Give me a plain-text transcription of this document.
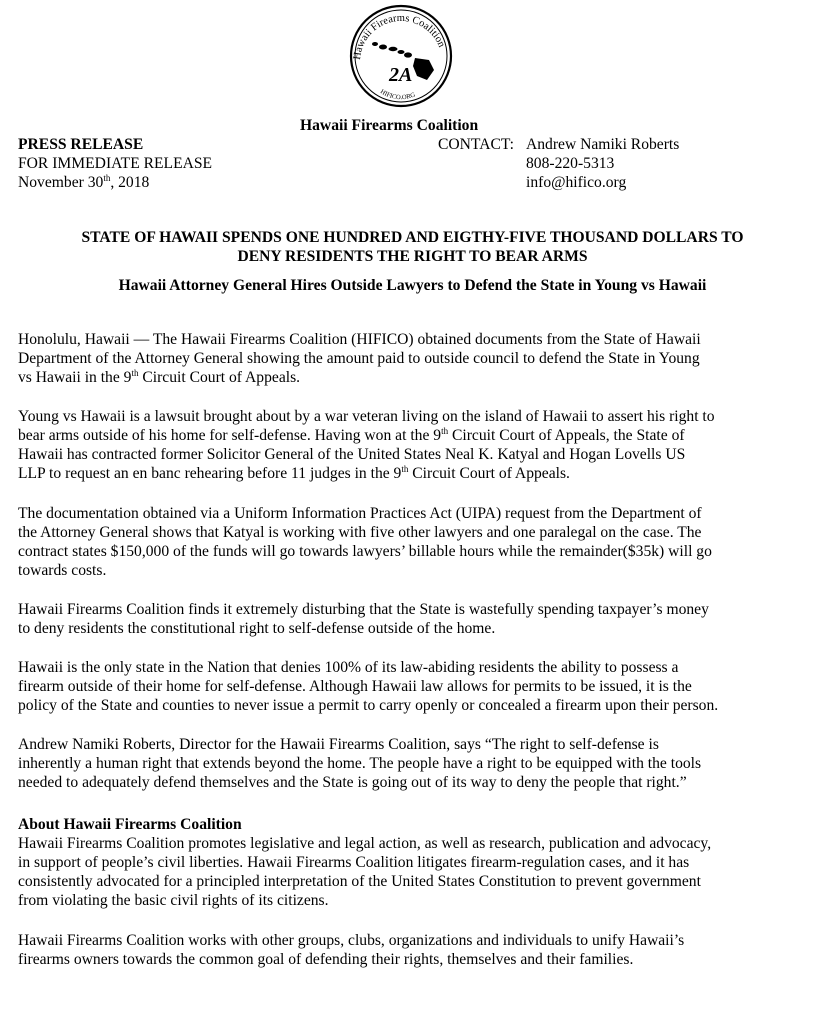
Hawaii Firearms Coalition
2A
HIFICO.ORG
Hawaii Firearms Coalition
PRESS RELEASE
FOR IMMEDIATE RELEASE
November 30th, 2018
CONTACT: Andrew Namiki Roberts
808-220-5313
info@hifico.org
STATE OF HAWAII SPENDS ONE HUNDRED AND EIGTHY-FIVE THOUSAND DOLLARS TO
DENY RESIDENTS THE RIGHT TO BEAR ARMS
Hawaii Attorney General Hires Outside Lawyers to Defend the State in Young vs Hawaii
Honolulu, Hawaii — The Hawaii Firearms Coalition (HIFICO) obtained documents from the State of Hawaii
Department of the Attorney General showing the amount paid to outside council to defend the State in Young
vs Hawaii in the 9th Circuit Court of Appeals.
Young vs Hawaii is a lawsuit brought about by a war veteran living on the island of Hawaii to assert his right to
bear arms outside of his home for self-defense. Having won at the 9th Circuit Court of Appeals, the State of
Hawaii has contracted former Solicitor General of the United States Neal K. Katyal and Hogan Lovells US
LLP to request an en banc rehearing before 11 judges in the 9th Circuit Court of Appeals.
The documentation obtained via a Uniform Information Practices Act (UIPA) request from the Department of
the Attorney General shows that Katyal is working with five other lawyers and one paralegal on the case. The
contract states $150,000 of the funds will go towards lawyers’ billable hours while the remainder($35k) will go
towards costs.
Hawaii Firearms Coalition finds it extremely disturbing that the State is wastefully spending taxpayer’s money
to deny residents the constitutional right to self-defense outside of the home.
Hawaii is the only state in the Nation that denies 100% of its law-abiding residents the ability to possess a
firearm outside of their home for self-defense. Although Hawaii law allows for permits to be issued, it is the
policy of the State and counties to never issue a permit to carry openly or concealed a firearm upon their person.
Andrew Namiki Roberts, Director for the Hawaii Firearms Coalition, says “The right to self-defense is
inherently a human right that extends beyond the home. The people have a right to be equipped with the tools
needed to adequately defend themselves and the State is going out of its way to deny the people that right.”
About Hawaii Firearms Coalition
Hawaii Firearms Coalition promotes legislative and legal action, as well as research, publication and advocacy,
in support of people’s civil liberties. Hawaii Firearms Coalition litigates firearm-regulation cases, and it has
consistently advocated for a principled interpretation of the United States Constitution to prevent government
from violating the basic civil rights of its citizens.
Hawaii Firearms Coalition works with other groups, clubs, organizations and individuals to unify Hawaii’s
firearms owners towards the common goal of defending their rights, themselves and their families.
